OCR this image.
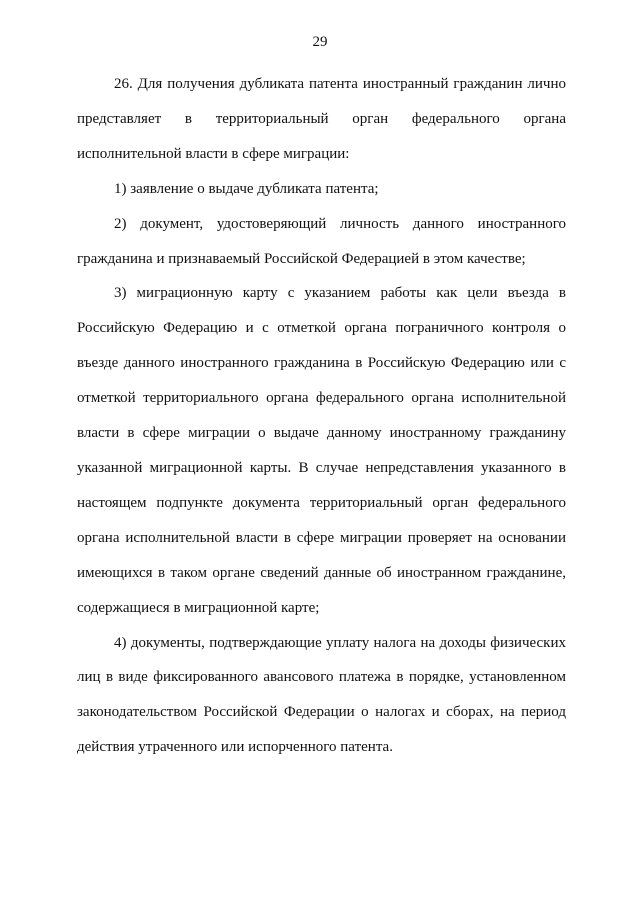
29

26. Для получения дубликата патента иностранный гражданин лично представляет в территориальный орган федерального органа исполнительной власти в сфере миграции:

1) заявление о выдаче дубликата патента;

2) документ, удостоверяющий личность данного иностранного гражданина и признаваемый Российской Федерацией в этом качестве;

3) миграционную карту с указанием работы как цели въезда в Российскую Федерацию и с отметкой органа пограничного контроля о въезде данного иностранного гражданина в Российскую Федерацию или с отметкой территориального органа федерального органа исполнительной власти в сфере миграции о выдаче данному иностранному гражданину указанной миграционной карты. В случае непредставления указанного в настоящем подпункте документа территориальный орган федерального органа исполнительной власти в сфере миграции проверяет на основании имеющихся в таком органе сведений данные об иностранном гражданине, содержащиеся в миграционной карте;

4) документы, подтверждающие уплату налога на доходы физических лиц в виде фиксированного авансового платежа в порядке, установленном законодательством Российской Федерации о налогах и сборах, на период действия утраченного или испорченного патента.
